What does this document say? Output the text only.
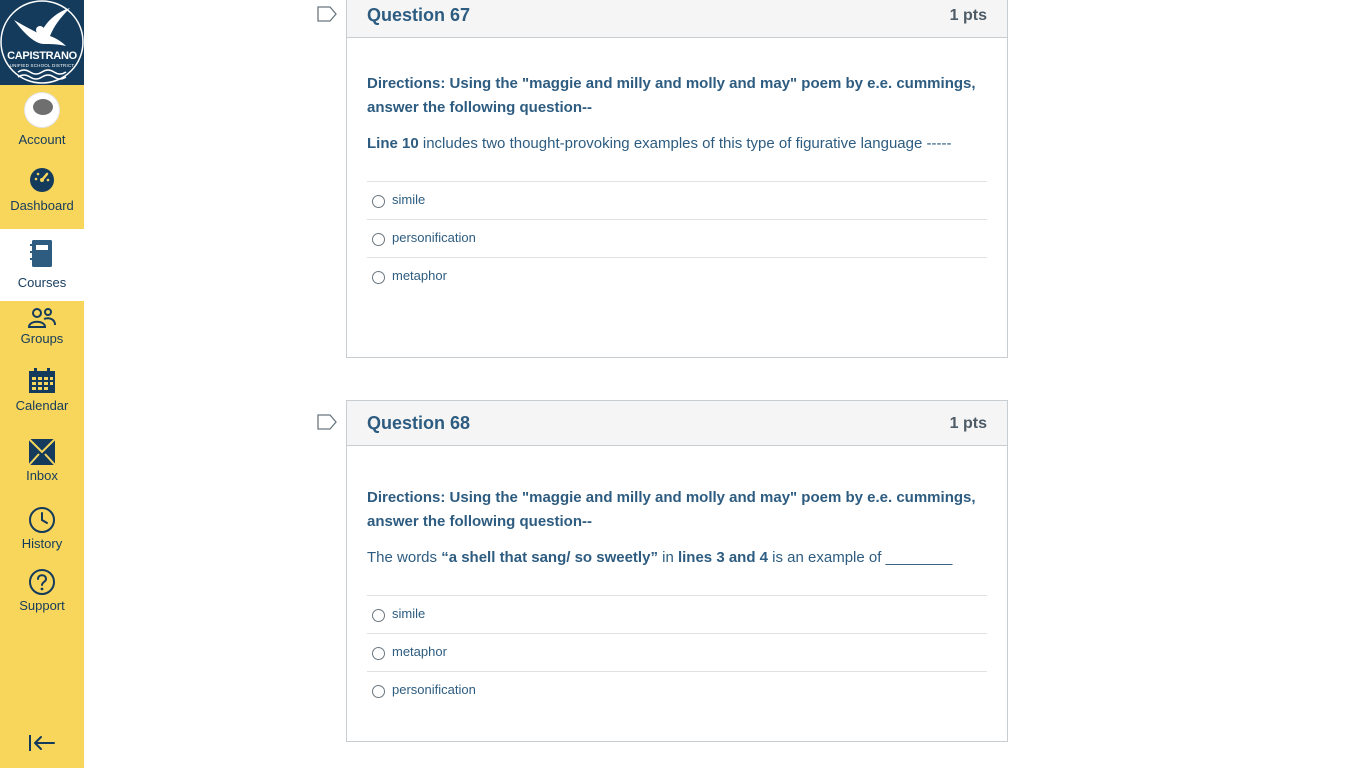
CAPISTRANO
UNIFIED SCHOOL DISTRICT
Account
Dashboard
Courses
Groups
Calendar
Inbox
History
Support
Question 67	1 pts
Directions: Using the "maggie and milly and molly and may" poem by e.e. cummings, answer the following question--
Line 10 includes two thought-provoking examples of this type of figurative language -----
simile
personification
metaphor
Question 68	1 pts
Directions: Using the "maggie and milly and molly and may" poem by e.e. cummings, answer the following question--
The words “a shell that sang/ so sweetly” in lines 3 and 4 is an example of ________
simile
metaphor
personification
